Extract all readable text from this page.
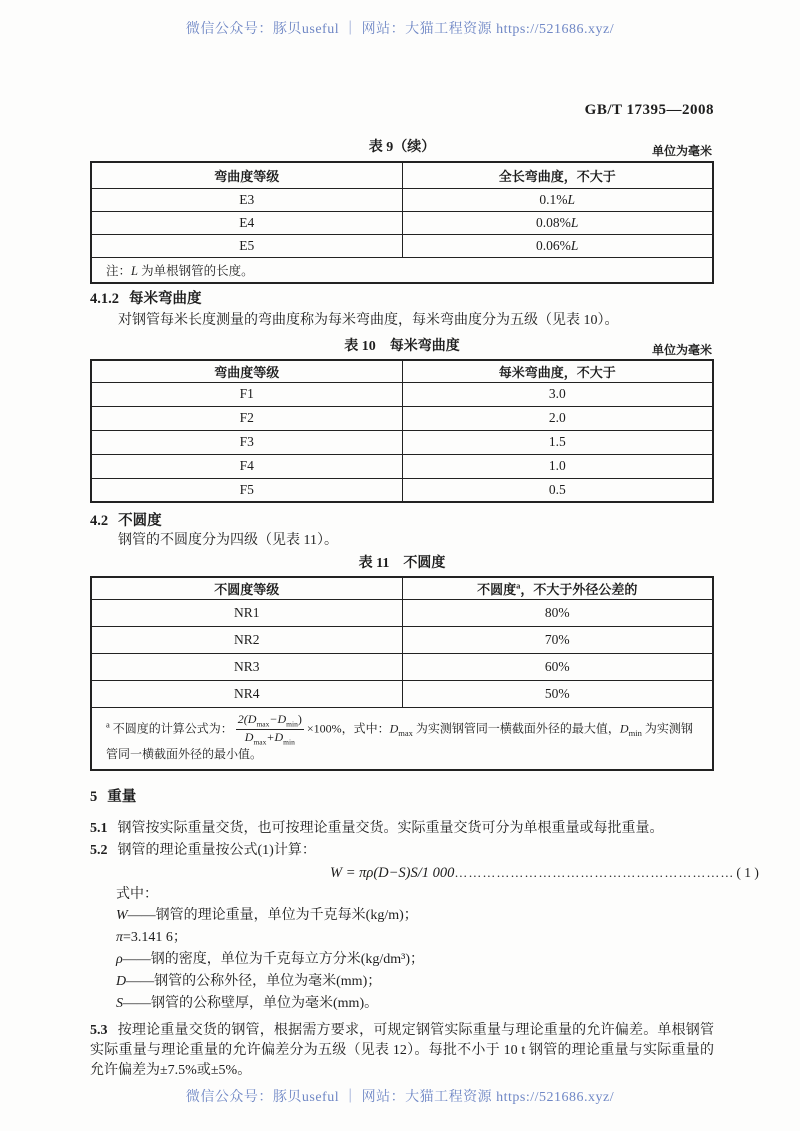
微信公众号：豚贝useful ｜ 网站：大猫工程资源 https://521686.xyz/
GB/T 17395—2008
表 9（续）	单位为毫米
弯曲度等级	全长弯曲度，不大于
E3	0.1%L
E4	0.08%L
E5	0.06%L
注：L 为单根钢管的长度。	
4.1.2 每米弯曲度
对钢管每米长度测量的弯曲度称为每米弯曲度，每米弯曲度分为五级（见表 10）。
表 10　每米弯曲度	单位为毫米
弯曲度等级	每米弯曲度，不大于
F1	3.0
F2	2.0
F3	1.5
F4	1.0
F5	0.5
4.2 不圆度
钢管的不圆度分为四级（见表 11）。
表 11　不圆度
不圆度等级	不圆度$^a$，不大于外径公差的
NR1	80%
NR2	70%
NR3	60%
NR4	50%
$^a$ 不圆度的计算公式为： $\frac{2(D_{max}-D_{min})}{D_{max}+D_{min}} \times 100\%$，式中：$D_{max}$ 为实测钢管同一横截面外径的最大值，$D_{min}$ 为实测钢管同一横截面外径的最小值。	
5 重量
5.1 钢管按实际重量交货，也可按理论重量交货。实际重量交货可分为单根重量或每批重量。
5.2 钢管的理论重量按公式(1)计算：
W = πρ(D−S)S/1 000 …………………………………………………… ( 1 )
式中：
W——钢管的理论重量，单位为千克每米(kg/m)；
π=3.141 6；
ρ——钢的密度，单位为千克每立方分米(kg/dm³)；
D——钢管的公称外径，单位为毫米(mm)；
S——钢管的公称壁厚，单位为毫米(mm)。
5.3 按理论重量交货的钢管，根据需方要求，可规定钢管实际重量与理论重量的允许偏差。单根钢管实际重量与理论重量的允许偏差分为五级（见表 12）。每批不小于 10 t 钢管的理论重量与实际重量的允许偏差为±7.5%或±5%。
微信公众号：豚贝useful ｜ 网站：大猫工程资源 https://521686.xyz/
